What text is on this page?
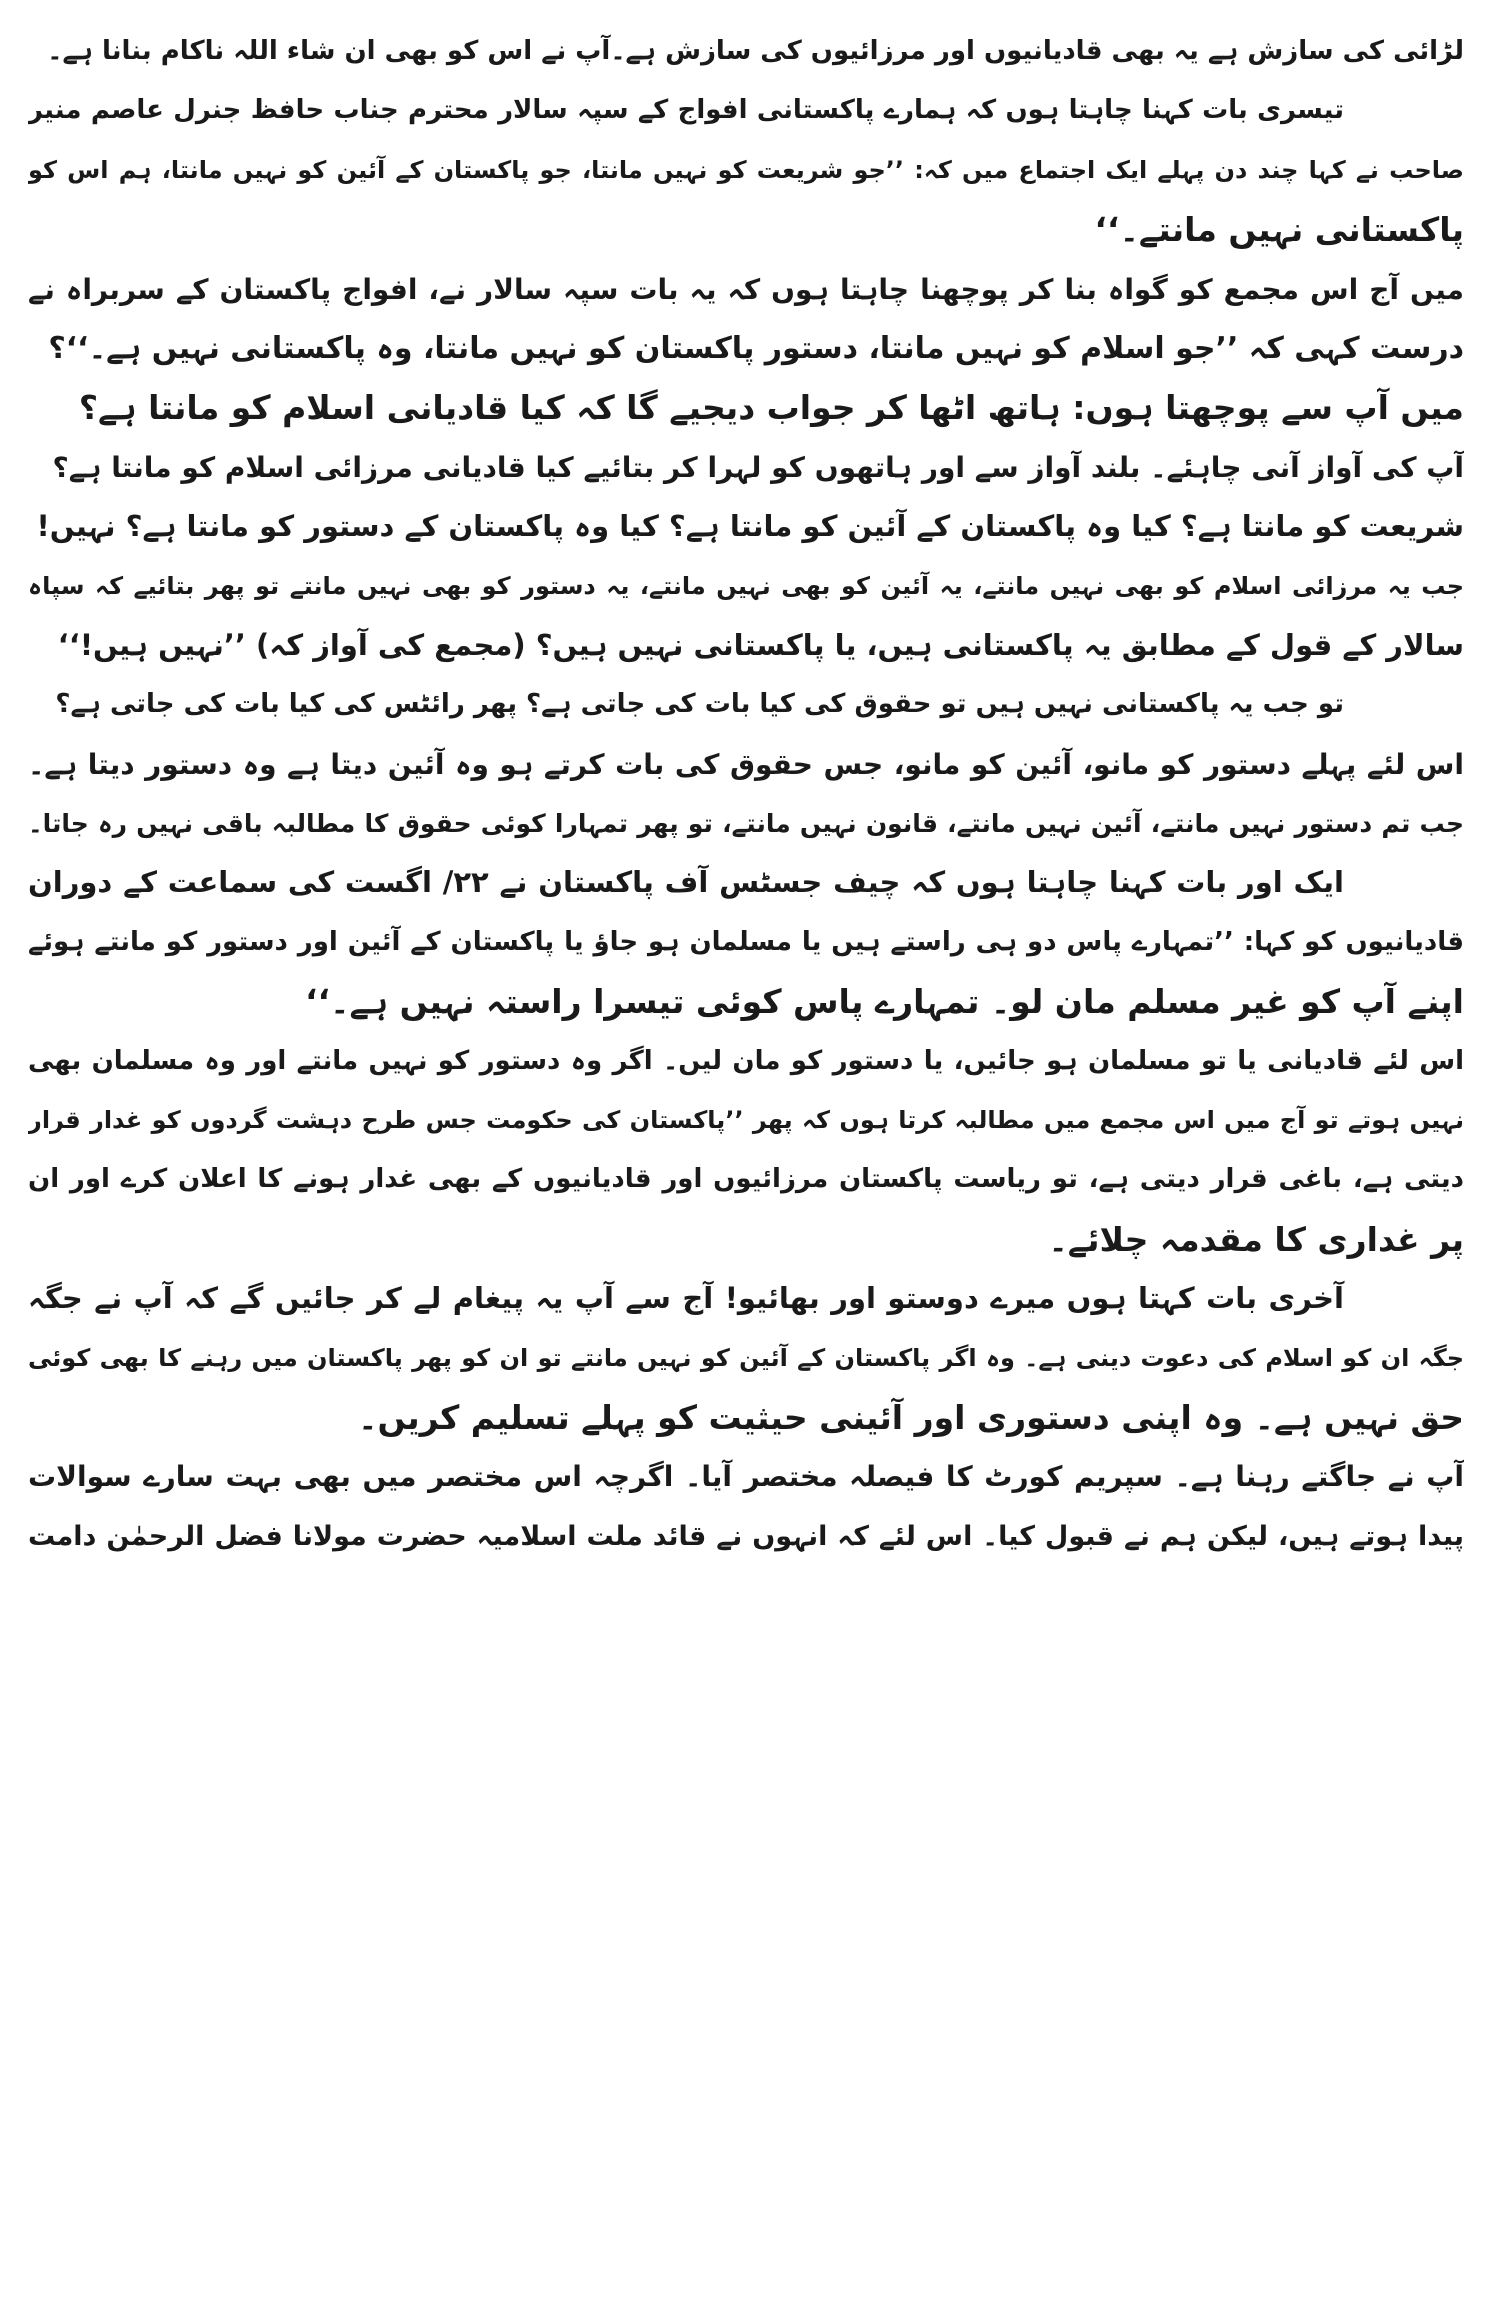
لڑائی کی سازش ہے یہ بھی قادیانیوں اور مرزائیوں کی سازش ہے۔آپ نے اس کو بھی ان شاء اللہ ناکام بنانا ہے۔
تیسری بات کہنا چاہتا ہوں کہ ہمارے پاکستانی افواج کے سپہ سالار محترم جناب حافظ جنرل عاصم منیر
صاحب نے کہا چند دن پہلے ایک اجتماع میں کہ: ’’جو شریعت کو نہیں مانتا، جو پاکستان کے آئین کو نہیں مانتا، ہم اس کو
پاکستانی نہیں مانتے۔‘‘
میں آج اس مجمع کو گواہ بنا کر پوچھنا چاہتا ہوں کہ یہ بات سپہ سالار نے، افواج پاکستان کے سربراہ نے
درست کہی کہ ’’جو اسلام کو نہیں مانتا، دستور پاکستان کو نہیں مانتا، وہ پاکستانی نہیں ہے۔‘‘؟
میں آپ سے پوچھتا ہوں: ہاتھ اٹھا کر جواب دیجیے گا کہ کیا قادیانی اسلام کو مانتا ہے؟
آپ کی آواز آنی چاہئے۔ بلند آواز سے اور ہاتھوں کو لہرا کر بتائیے کیا قادیانی مرزائی اسلام کو مانتا ہے؟
شریعت کو مانتا ہے؟ کیا وہ پاکستان کے آئین کو مانتا ہے؟ کیا وہ پاکستان کے دستور کو مانتا ہے؟ نہیں!
جب یہ مرزائی اسلام کو بھی نہیں مانتے، یہ آئین کو بھی نہیں مانتے، یہ دستور کو بھی نہیں مانتے تو پھر بتائیے کہ سپاہ
سالار کے قول کے مطابق یہ پاکستانی ہیں، یا پاکستانی نہیں ہیں؟ (مجمع کی آواز کہ) ’’نہیں ہیں!‘‘
تو جب یہ پاکستانی نہیں ہیں تو حقوق کی کیا بات کی جاتی ہے؟ پھر رائٹس کی کیا بات کی جاتی ہے؟
اس لئے پہلے دستور کو مانو، آئین کو مانو، جس حقوق کی بات کرتے ہو وہ آئین دیتا ہے وہ دستور دیتا ہے۔
جب تم دستور نہیں مانتے، آئین نہیں مانتے، قانون نہیں مانتے، تو پھر تمہارا کوئی حقوق کا مطالبہ باقی نہیں رہ جاتا۔
ایک اور بات کہنا چاہتا ہوں کہ چیف جسٹس آف پاکستان نے ۲۲/ اگست کی سماعت کے دوران
قادیانیوں کو کہا: ’’تمہارے پاس دو ہی راستے ہیں یا مسلمان ہو جاؤ یا پاکستان کے آئین اور دستور کو مانتے ہوئے
اپنے آپ کو غیر مسلم مان لو۔ تمہارے پاس کوئی تیسرا راستہ نہیں ہے۔‘‘
اس لئے قادیانی یا تو مسلمان ہو جائیں، یا دستور کو مان لیں۔ اگر وہ دستور کو نہیں مانتے اور وہ مسلمان بھی
نہیں ہوتے تو آج میں اس مجمع میں مطالبہ کرتا ہوں کہ پھر ’’پاکستان کی حکومت جس طرح دہشت گردوں کو غدار قرار
دیتی ہے، باغی قرار دیتی ہے، تو ریاست پاکستان مرزائیوں اور قادیانیوں کے بھی غدار ہونے کا اعلان کرے اور ان
پر غداری کا مقدمہ چلائے۔
آخری بات کہتا ہوں میرے دوستو اور بھائیو! آج سے آپ یہ پیغام لے کر جائیں گے کہ آپ نے جگہ
جگہ ان کو اسلام کی دعوت دینی ہے۔ وہ اگر پاکستان کے آئین کو نہیں مانتے تو ان کو پھر پاکستان میں رہنے کا بھی کوئی
حق نہیں ہے۔ وہ اپنی دستوری اور آئینی حیثیت کو پہلے تسلیم کریں۔
آپ نے جاگتے رہنا ہے۔ سپریم کورٹ کا فیصلہ مختصر آیا۔ اگرچہ اس مختصر میں بھی بہت سارے سوالات
پیدا ہوتے ہیں، لیکن ہم نے قبول کیا۔ اس لئے کہ انہوں نے قائد ملت اسلامیہ حضرت مولانا فضل الرحمٰن دامت
